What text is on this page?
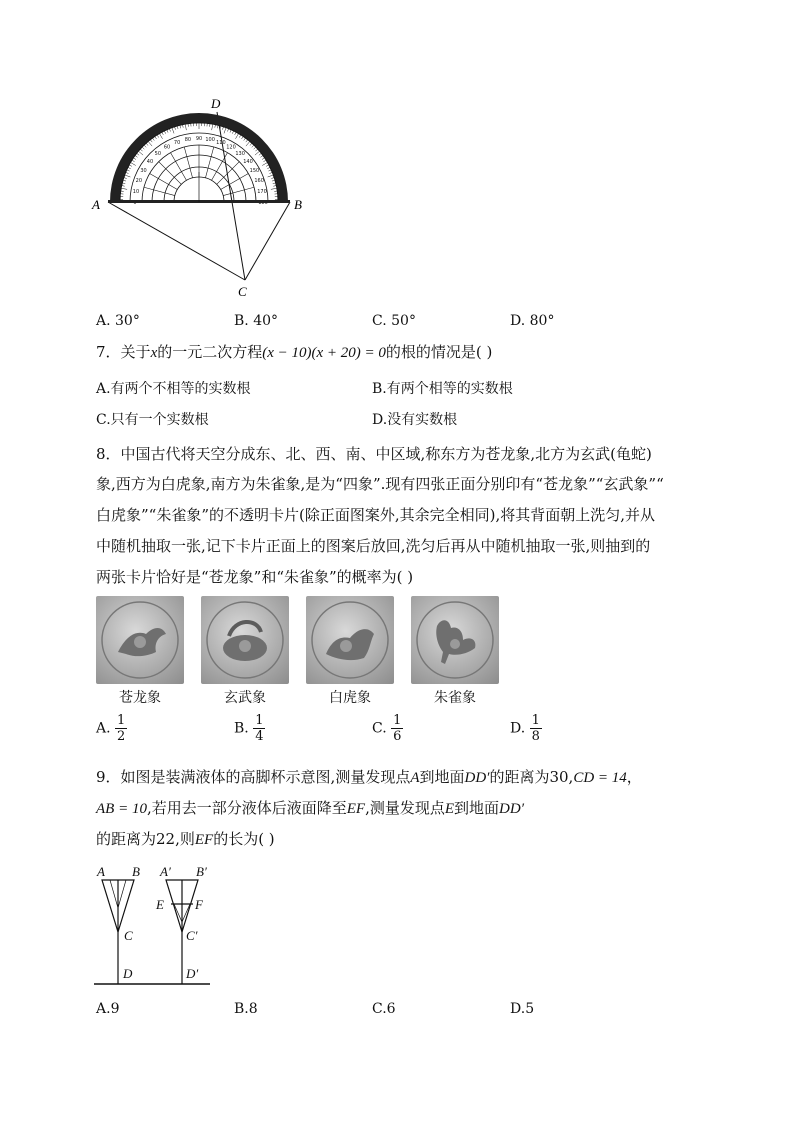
10
20
30
40
50
60
70 80 90 100 110
120
130
140
150
160
170
A	B
C
D
A. 30°	B. 40°	C. 50°	D. 80°
7．关于x的一元二次方程(x − 10)(x + 20) = 0的根的情况是( )
A.有两个不相等的实数根	B.有两个相等的实数根
C.只有一个实数根	D.没有实数根
8．中国古代将天空分成东、北、西、南、中区域,称东方为苍龙象,北方为玄武(龟蛇)
象,西方为白虎象,南方为朱雀象,是为“四象”.现有四张正面分别印有“苍龙象”“玄武象”“
白虎象”“朱雀象”的不透明卡片(除正面图案外,其余完全相同),将其背面朝上洗匀,并从
中随机抽取一张,记下卡片正面上的图案后放回,洗匀后再从中随机抽取一张,则抽到的
两张卡片恰好是“苍龙象”和“朱雀象”的概率为( )
苍龙象	玄武象	白虎象	朱雀象
A. $\frac{1}{2}$	B. $\frac{1}{4}$	C. $\frac{1}{6}$	D. $\frac{1}{8}$
9．如图是装满液体的高脚杯示意图,测量发现点A到地面DD′的距离为30,CD = 14，
AB = 10,若用去一部分液体后液面降至EF,测量发现点E到地面DD′
的距离为22,则EF的长为( )
A B
C
D
A′ B′
E F
C′
D′
A.9	B.8	C.6	D.5
